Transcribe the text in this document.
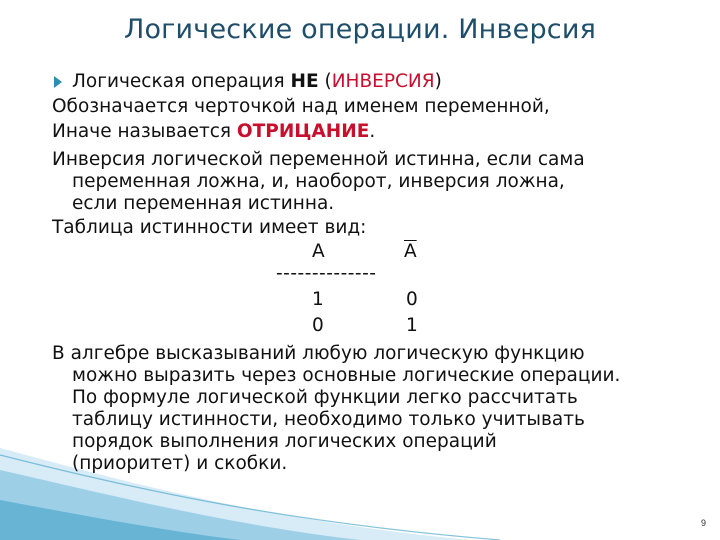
Логические операции. Инверсия
Логическая операция НЕ (ИНВЕРСИЯ)
Обозначается черточкой над именем переменной,
Иначе называется ОТРИЦАНИЕ.
Инверсия логической переменной истинна, если сама
переменная ложна, и, наоборот, инверсия ложна,
если переменная истинна.
Таблица истинности имеет вид:
A	$\overline{A}$
--------------
1	0
0	1
В алгебре высказываний любую логическую функцию
можно выразить через основные логические операции.
По формуле логической функции легко рассчитать
таблицу истинности, необходимо только учитывать
порядок выполнения логических операций
(приоритет) и скобки.
9
